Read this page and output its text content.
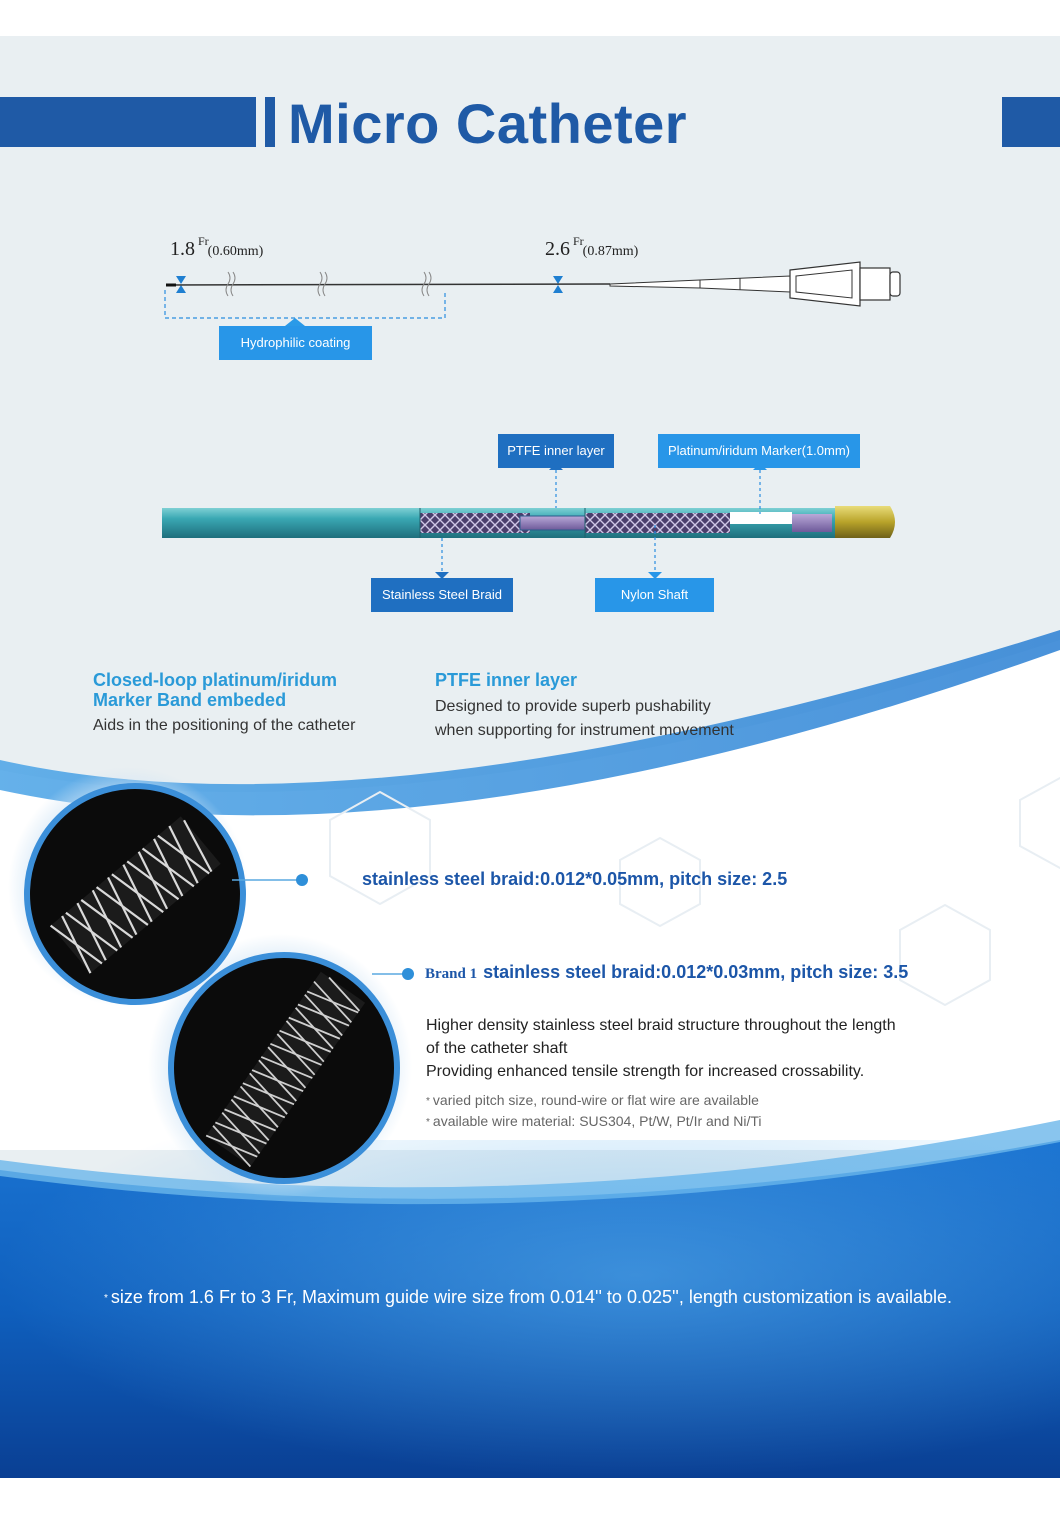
Micro Catheter
1.8 $^{Fr}$(0.60mm)	2.6 $^{Fr}$(0.87mm)
Hydrophilic coating
PTFE inner layer	Platinum/iridum Marker(1.0mm)
Stainless Steel Braid	Nylon Shaft
Closed-loop platinum/iridum
Marker Band embeded
Aids in the positioning of the catheter
PTFE inner layer
Designed to provide superb pushability
when supporting for instrument movement
stainless steel braid:0.012*0.05mm, pitch size: 2.5
Brand 1 stainless steel braid:0.012*0.03mm, pitch size: 3.5
Higher density stainless steel braid structure throughout the length
of the catheter shaft
Providing enhanced tensile strength for increased crossability.
* varied pitch size, round-wire or flat wire are available
* available wire material: SUS304, Pt/W, Pt/Ir and Ni/Ti
* size from 1.6 Fr to 3 Fr, Maximum guide wire size from 0.014'' to 0.025'', length customization is available.
